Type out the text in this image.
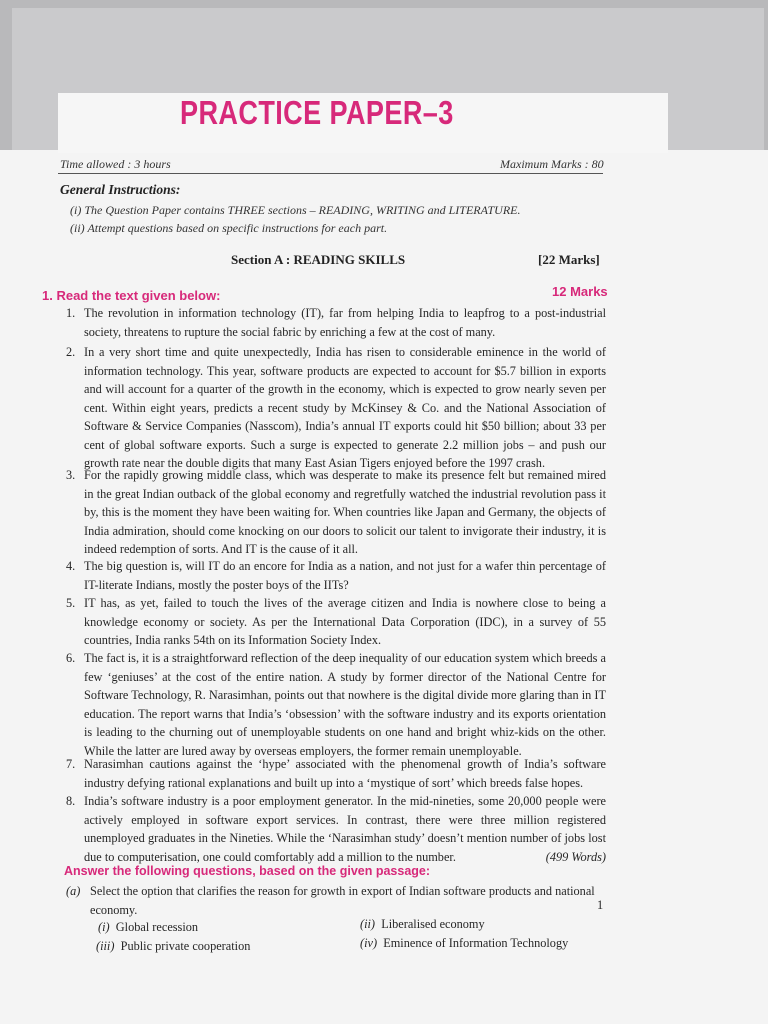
PRACTICE PAPER–3
Time allowed : 3 hours	Maximum Marks : 80
General Instructions:
(i) The Question Paper contains THREE sections – READING, WRITING and LITERATURE.
(ii) Attempt questions based on specific instructions for each part.
Section A : READING SKILLS	[22 Marks]
1. Read the text given below:	12 Marks
1. The revolution in information technology (IT), far from helping India to leapfrog to a post-industrial society, threatens to rupture the social fabric by enriching a few at the cost of many.
2. In a very short time and quite unexpectedly, India has risen to considerable eminence in the world of information technology. This year, software products are expected to account for $5.7 billion in exports and will account for a quarter of the growth in the economy, which is expected to grow nearly seven per cent. Within eight years, predicts a recent study by McKinsey & Co. and the National Association of Software & Service Companies (Nasscom), India’s annual IT exports could hit $50 billion; about 33 per cent of global software exports. Such a surge is expected to generate 2.2 million jobs – and push our growth rate near the double digits that many East Asian Tigers enjoyed before the 1997 crash.
3. For the rapidly growing middle class, which was desperate to make its presence felt but remained mired in the great Indian outback of the global economy and regretfully watched the industrial revolution pass it by, this is the moment they have been waiting for. When countries like Japan and Germany, the objects of India admiration, should come knocking on our doors to solicit our talent to invigorate their industry, it is indeed redemption of sorts. And IT is the cause of it all.
4. The big question is, will IT do an encore for India as a nation, and not just for a wafer thin percentage of IT-literate Indians, mostly the poster boys of the IITs?
5. IT has, as yet, failed to touch the lives of the average citizen and India is nowhere close to being a knowledge economy or society. As per the International Data Corporation (IDC), in a survey of 55 countries, India ranks 54th on its Information Society Index.
6. The fact is, it is a straightforward reflection of the deep inequality of our education system which breeds a few ‘geniuses’ at the cost of the entire nation. A study by former director of the National Centre for Software Technology, R. Narasimhan, points out that nowhere is the digital divide more glaring than in IT education. The report warns that India’s ‘obsession’ with the software industry and its exports orientation is leading to the churning out of unemployable students on one hand and bright whiz-kids on the other. While the latter are lured away by overseas employers, the former remain unemployable.
7. Narasimhan cautions against the ‘hype’ associated with the phenomenal growth of India’s software industry defying rational explanations and built up into a ‘mystique of sort’ which breeds false hopes.
8. India’s software industry is a poor employment generator. In the mid-nineties, some 20,000 people were actively employed in software export services. In contrast, there were three million registered unemployed graduates in the Nineties. While the ‘Narasimhan study’ doesn’t mention number of jobs lost due to computerisation, one could comfortably add a million to the number.	(499 Words)
Answer the following questions, based on the given passage:
(a) Select the option that clarifies the reason for growth in export of Indian software products and national economy.	1
(i) Global recession	(ii) Liberalised economy
(iii) Public private cooperation	(iv) Eminence of Information Technology
